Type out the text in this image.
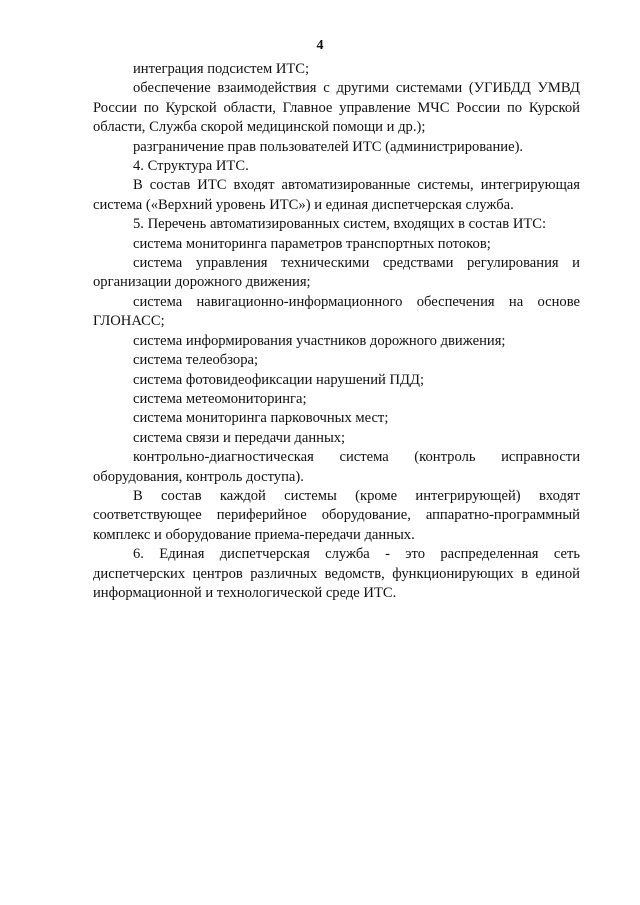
4

интеграция подсистем ИТС;

обеспечение взаимодействия с другими системами (УГИБДД УМВД России по Курской области, Главное управление МЧС России по Курской области, Служба скорой медицинской помощи и др.);

разграничение прав пользователей ИТС (администрирование).

4. Структура ИТС.

В состав ИТС входят автоматизированные системы, интегрирующая система («Верхний уровень ИТС») и единая диспетчерская служба.

5. Перечень автоматизированных систем, входящих в состав ИТС:

система мониторинга параметров транспортных потоков;

система управления техническими средствами регулирования и организации дорожного движения;

система навигационно-информационного обеспечения на основе ГЛОНАСС;

система информирования участников дорожного движения;

система телеобзора;

система фотовидеофиксации нарушений ПДД;

система метеомониторинга;

система мониторинга парковочных мест;

система связи и передачи данных;

контрольно-диагностическая система (контроль исправности оборудования, контроль доступа).

В состав каждой системы (кроме интегрирующей) входят соответствующее периферийное оборудование, аппаратно-программный комплекс и оборудование приема-передачи данных.

6. Единая диспетчерская служба - это распределенная сеть диспетчерских центров различных ведомств, функционирующих в единой информационной и технологической среде ИТС.
